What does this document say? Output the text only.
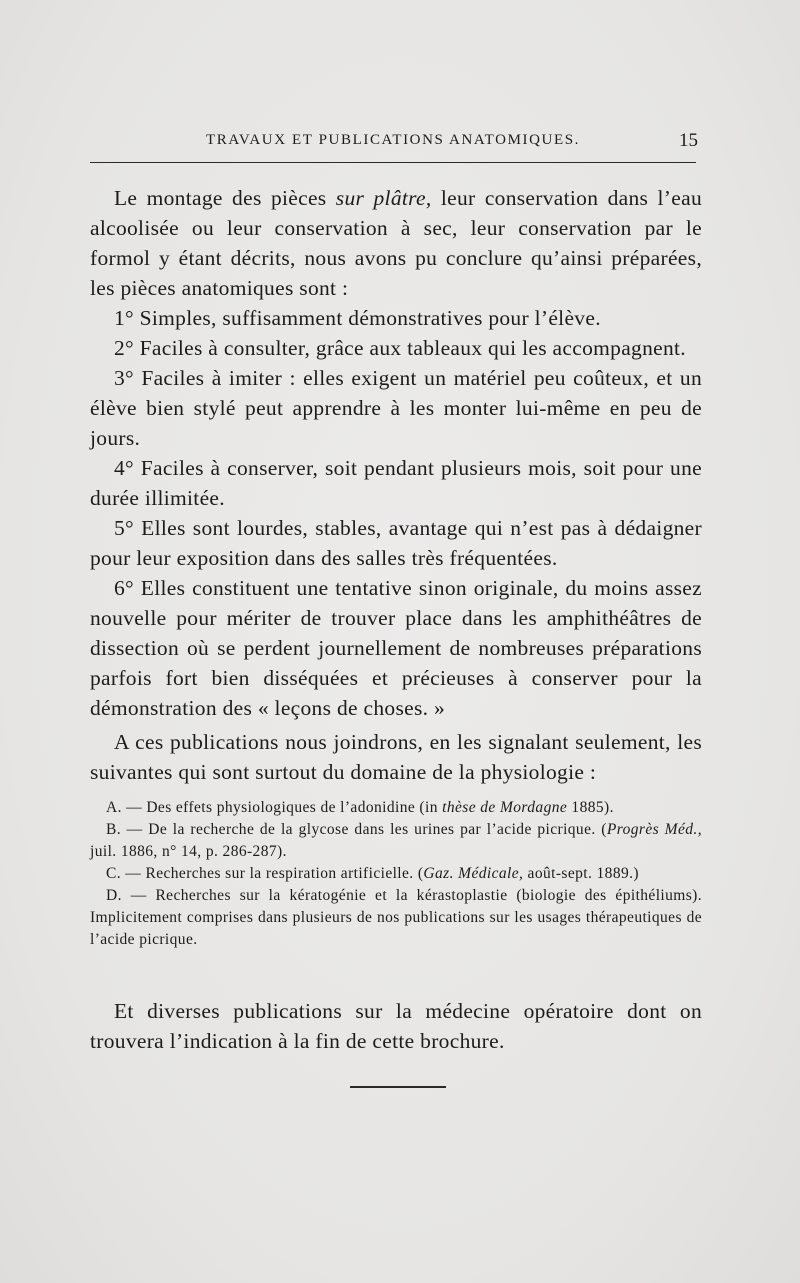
TRAVAUX ET PUBLICATIONS ANATOMIQUES.	15

Le montage des pièces sur plâtre, leur conservation dans l’eau alcoolisée ou leur conservation à sec, leur conservation par le formol y étant décrits, nous avons pu conclure qu’ainsi préparées, les pièces anatomiques sont :

1° Simples, suffisamment démonstratives pour l’élève.

2° Faciles à consulter, grâce aux tableaux qui les accompagnent.

3° Faciles à imiter : elles exigent un matériel peu coûteux, et un élève bien stylé peut apprendre à les monter lui-même en peu de jours.

4° Faciles à conserver, soit pendant plusieurs mois, soit pour une durée illimitée.

5° Elles sont lourdes, stables, avantage qui n’est pas à dédaigner pour leur exposition dans des salles très fréquentées.

6° Elles constituent une tentative sinon originale, du moins assez nouvelle pour mériter de trouver place dans les amphithéâtres de dissection où se perdent journellement de nombreuses préparations parfois fort bien disséquées et précieuses à conserver pour la démonstration des « leçons de choses. »

A ces publications nous joindrons, en les signalant seulement, les suivantes qui sont surtout du domaine de la physiologie :

A. — Des effets physiologiques de l’adonidine (in thèse de Mordagne 1885).

B. — De la recherche de la glycose dans les urines par l’acide picrique. (Progrès Méd., juil. 1886, n° 14, p. 286-287).

C. — Recherches sur la respiration artificielle. (Gaz. Médicale, août-sept. 1889.)

D. — Recherches sur la kératogénie et la kérastoplastie (biologie des épithéliums). Implicitement comprises dans plusieurs de nos publications sur les usages thérapeutiques de l’acide picrique.

Et diverses publications sur la médecine opératoire dont on trouvera l’indication à la fin de cette brochure.
